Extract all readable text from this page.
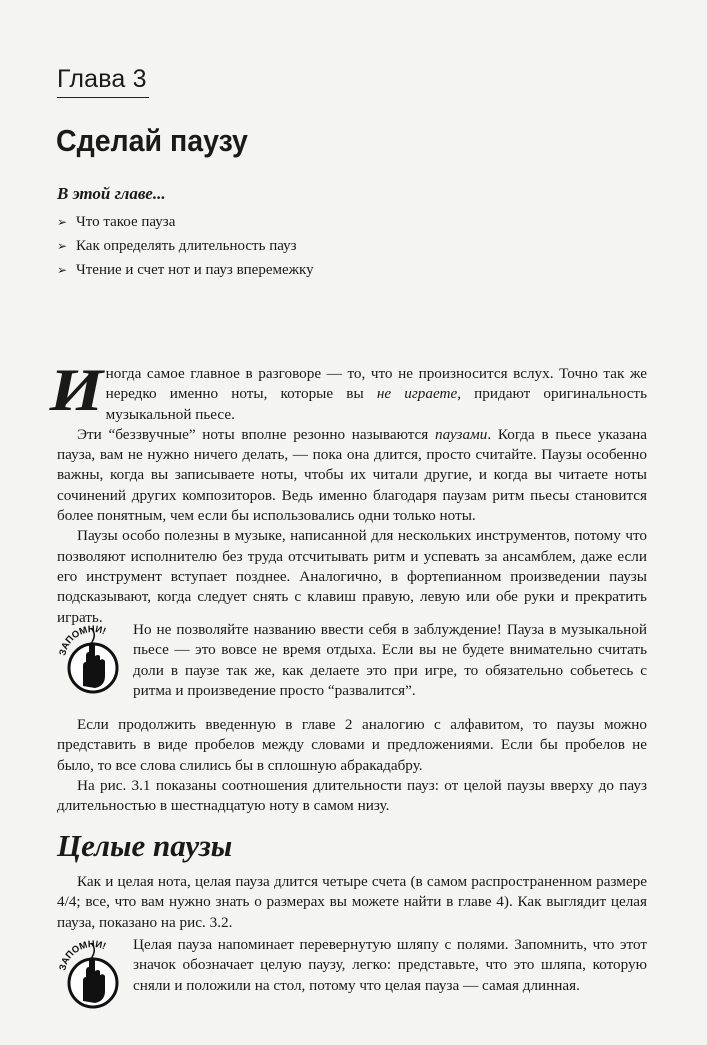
Глава 3
Сделай паузу
В этой главе...
➢ Что такое пауза
➢ Как определять длительность пауз
➢ Чтение и счет нот и пауз вперемежку

Иногда самое главное в разговоре — то, что не произносится вслух. Точно так же нередко именно ноты, которые вы не играете, придают оригинальность музыкальной пьесе.

Эти “беззвучные” ноты вполне резонно называются паузами. Когда в пьесе указана пауза, вам не нужно ничего делать, — пока она длится, просто считайте. Паузы особенно важны, когда вы записываете ноты, чтобы их читали другие, и когда вы читаете ноты сочинений других композиторов. Ведь именно благодаря паузам ритм пьесы становится более понятным, чем если бы использовались одни только ноты.

Паузы особо полезны в музыке, написанной для нескольких инструментов, потому что позволяют исполнителю без труда отсчитывать ритм и успевать за ансамблем, даже если его инструмент вступает позднее. Аналогично, в фортепианном произведении паузы подсказывают, когда следует снять с клавиш правую, левую или обе руки и прекратить играть.

ЗАПОМНИ! Но не позволяйте названию ввести себя в заблуждение! Пауза в музыкальной пьесе — это вовсе не время отдыха. Если вы не будете внимательно считать доли в паузе так же, как делаете это при игре, то обязательно собьетесь с ритма и произведение просто “развалится”.

Если продолжить введенную в главе 2 аналогию с алфавитом, то паузы можно представить в виде пробелов между словами и предложениями. Если бы пробелов не было, то все слова слились бы в сплошную абракадабру.

На рис. 3.1 показаны соотношения длительности пауз: от целой паузы вверху до пауз длительностью в шестнадцатую ноту в самом низу.

Целые паузы

Как и целая нота, целая пауза длится четыре счета (в самом распространенном размере 4/4; все, что вам нужно знать о размерах вы можете найти в главе 4). Как выглядит целая пауза, показано на рис. 3.2.

ЗАПОМНИ! Целая пауза напоминает перевернутую шляпу с полями. Запомнить, что этот значок обозначает целую паузу, легко: представьте, что это шляпа, которую сняли и положили на стол, потому что целая пауза — самая длинная.
